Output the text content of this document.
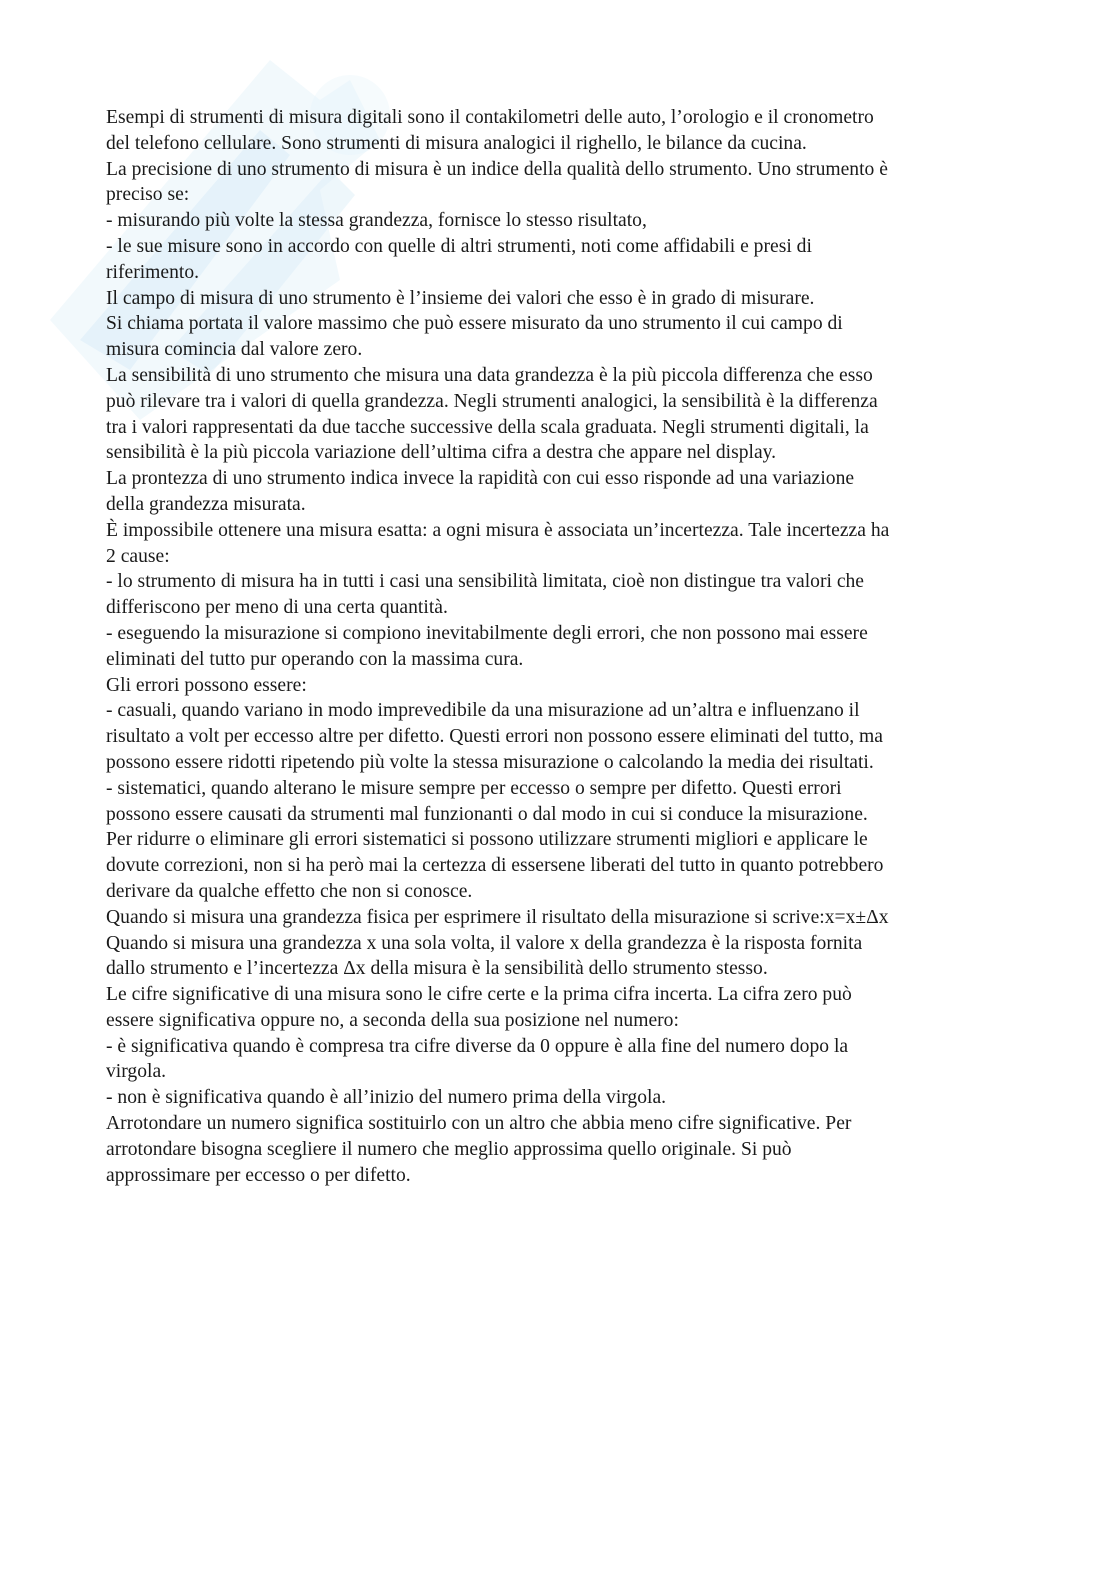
Esempi di strumenti di misura digitali sono il contakilometri delle auto, l’orologio e il cronometro
del telefono cellulare. Sono strumenti di misura analogici il righello, le bilance da cucina.
La precisione di uno strumento di misura è un indice della qualità dello strumento. Uno strumento è
preciso se:
- misurando più volte la stessa grandezza, fornisce lo stesso risultato,
- le sue misure sono in accordo con quelle di altri strumenti, noti come affidabili e presi di
riferimento.
Il campo di misura di uno strumento è l’insieme dei valori che esso è in grado di misurare.
Si chiama portata il valore massimo che può essere misurato da uno strumento il cui campo di
misura comincia dal valore zero.
La sensibilità di uno strumento che misura una data grandezza è la più piccola differenza che esso
può rilevare tra i valori di quella grandezza. Negli strumenti analogici, la sensibilità è la differenza
tra i valori rappresentati da due tacche successive della scala graduata. Negli strumenti digitali, la
sensibilità è la più piccola variazione dell’ultima cifra a destra che appare nel display.
La prontezza di uno strumento indica invece la rapidità con cui esso risponde ad una variazione
della grandezza misurata.
È impossibile ottenere una misura esatta: a ogni misura è associata un’incertezza. Tale incertezza ha
2 cause:
- lo strumento di misura ha in tutti i casi una sensibilità limitata, cioè non distingue tra valori che
differiscono per meno di una certa quantità.
- eseguendo la misurazione si compiono inevitabilmente degli errori, che non possono mai essere
eliminati del tutto pur operando con la massima cura.
Gli errori possono essere:
- casuali, quando variano in modo imprevedibile da una misurazione ad un’altra e influenzano il
risultato a volt per eccesso altre per difetto. Questi errori non possono essere eliminati del tutto, ma
possono essere ridotti ripetendo più volte la stessa misurazione o calcolando la media dei risultati.
- sistematici, quando alterano le misure sempre per eccesso o sempre per difetto. Questi errori
possono essere causati da strumenti mal funzionanti o dal modo in cui si conduce la misurazione.
Per ridurre o eliminare gli errori sistematici si possono utilizzare strumenti migliori e applicare le
dovute correzioni, non si ha però mai la certezza di essersene liberati del tutto in quanto potrebbero
derivare da qualche effetto che non si conosce.
Quando si misura una grandezza fisica per esprimere il risultato della misurazione si scrive:x=x±Δx
Quando si misura una grandezza x una sola volta, il valore x della grandezza è la risposta fornita
dallo strumento e l’incertezza Δx della misura è la sensibilità dello strumento stesso.
Le cifre significative di una misura sono le cifre certe e la prima cifra incerta. La cifra zero può
essere significativa oppure no, a seconda della sua posizione nel numero:
- è significativa quando è compresa tra cifre diverse da 0 oppure è alla fine del numero dopo la
virgola.
- non è significativa quando è all’inizio del numero prima della virgola.
Arrotondare un numero significa sostituirlo con un altro che abbia meno cifre significative. Per
arrotondare bisogna scegliere il numero che meglio approssima quello originale. Si può
approssimare per eccesso o per difetto.
